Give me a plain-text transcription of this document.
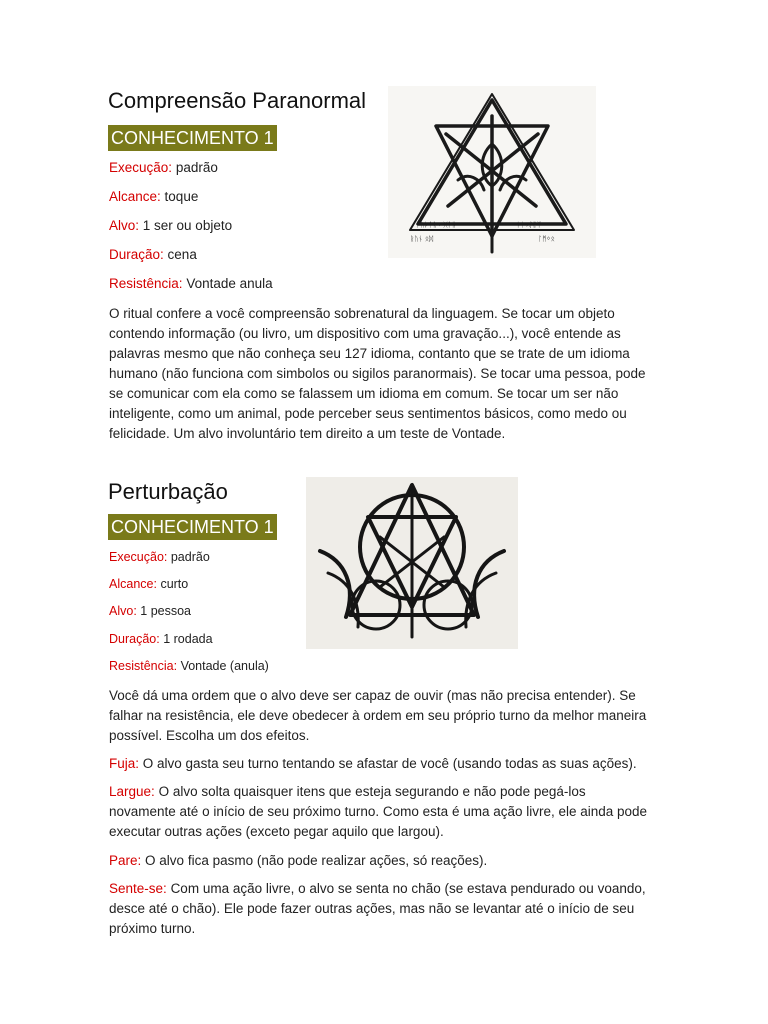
Compreensão Paranormal
CONHECIMENTO 1
Execução: padrão
Alcance: toque
Alvo: 1 ser ou objeto
Duração: cena
Resistência: Vontade anula
O ritual confere a você compreensão sobrenatural da linguagem. Se tocar um objeto contendo informação (ou livro, um dispositivo com uma gravação...), você entende as palavras mesmo que não conheça seu 127 idioma, contanto que se trate de um idioma humano (não funciona com simbolos ou sigilos paranormais). Se tocar uma pessoa, pode se comunicar com ela como se falassem um idioma em comum. Se tocar um ser não inteligente, como um animal, pode perceber seus sentimentos básicos, como medo ou felicidade. Um alvo involuntário tem direito a um teste de Vontade.
ᚠᚢᚦᚨᚱᚲ ᚷᚹᚺ	ᚾᛁᛃᛇᛈᛉ
ᚱᚢᚾ ᛟᛞ	ᛚᛗᛜᛟ
Perturbação
CONHECIMENTO 1
Execução: padrão
Alcance: curto
Alvo: 1 pessoa
Duração: 1 rodada
Resistência: Vontade (anula)
Você dá uma ordem que o alvo deve ser capaz de ouvir (mas não precisa entender). Se falhar na resistência, ele deve obedecer à ordem em seu próprio turno da melhor maneira possível. Escolha um dos efeitos.
Fuja: O alvo gasta seu turno tentando se afastar de você (usando todas as suas ações).
Largue: O alvo solta quaisquer itens que esteja segurando e não pode pegá-los novamente até o início de seu próximo turno. Como esta é uma ação livre, ele ainda pode executar outras ações (exceto pegar aquilo que largou).
Pare: O alvo fica pasmo (não pode realizar ações, só reações).
Sente-se: Com uma ação livre, o alvo se senta no chão (se estava pendurado ou voando, desce até o chão). Ele pode fazer outras ações, mas não se levantar até o início de seu próximo turno.
